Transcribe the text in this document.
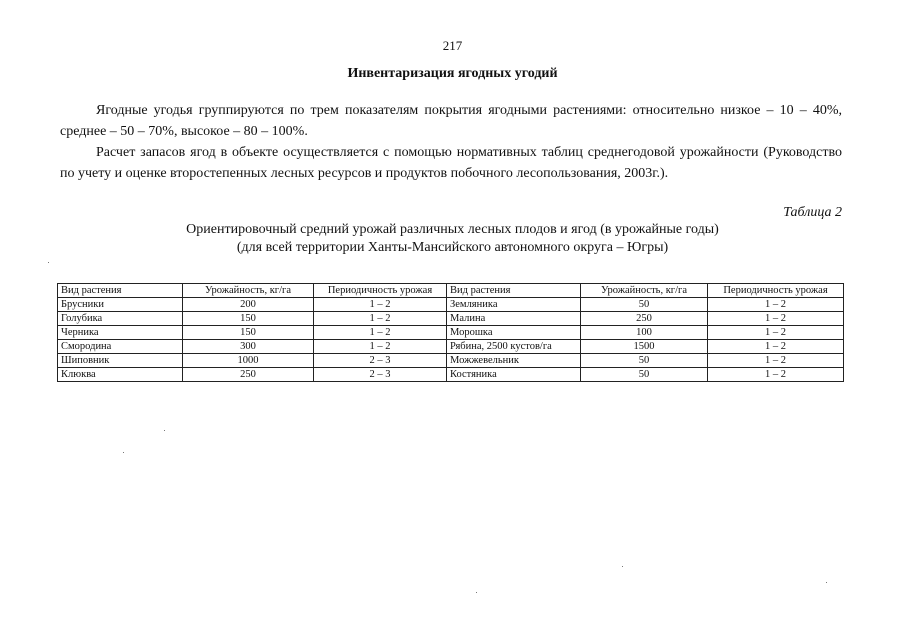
217
Инвентаризация ягодных угодий

Ягодные угодья группируются по трем показателям покрытия ягодными растениями: относительно низкое – 10 – 40%, среднее – 50 – 70%, высокое – 80 – 100%.

Расчет запасов ягод в объекте осуществляется с помощью нормативных таблиц среднегодовой урожайности (Руководство по учету и оценке второстепенных лесных ресурсов и продуктов побочного лесопользования, 2003г.).

Таблица 2
Ориентировочный средний урожай различных лесных плодов и ягод (в урожайные годы)
(для всей территории Ханты-Мансийского автономного округа – Югры)
Вид растения	Урожайность, кг/га	Периодичность урожая	Вид растения	Урожайность, кг/га	Периодичность урожая
Брусники	200	1 – 2	Земляника	50	1 – 2
Голубика	150	1 – 2	Малина	250	1 – 2
Черника	150	1 – 2	Морошка	100	1 – 2
Смородина	300	1 – 2	Рябина, 2500 кустов/га	1500	1 – 2
Шиповник	1000	2 – 3	Можжевельник	50	1 – 2
Клюква	250	2 – 3	Костяника	50	1 – 2
